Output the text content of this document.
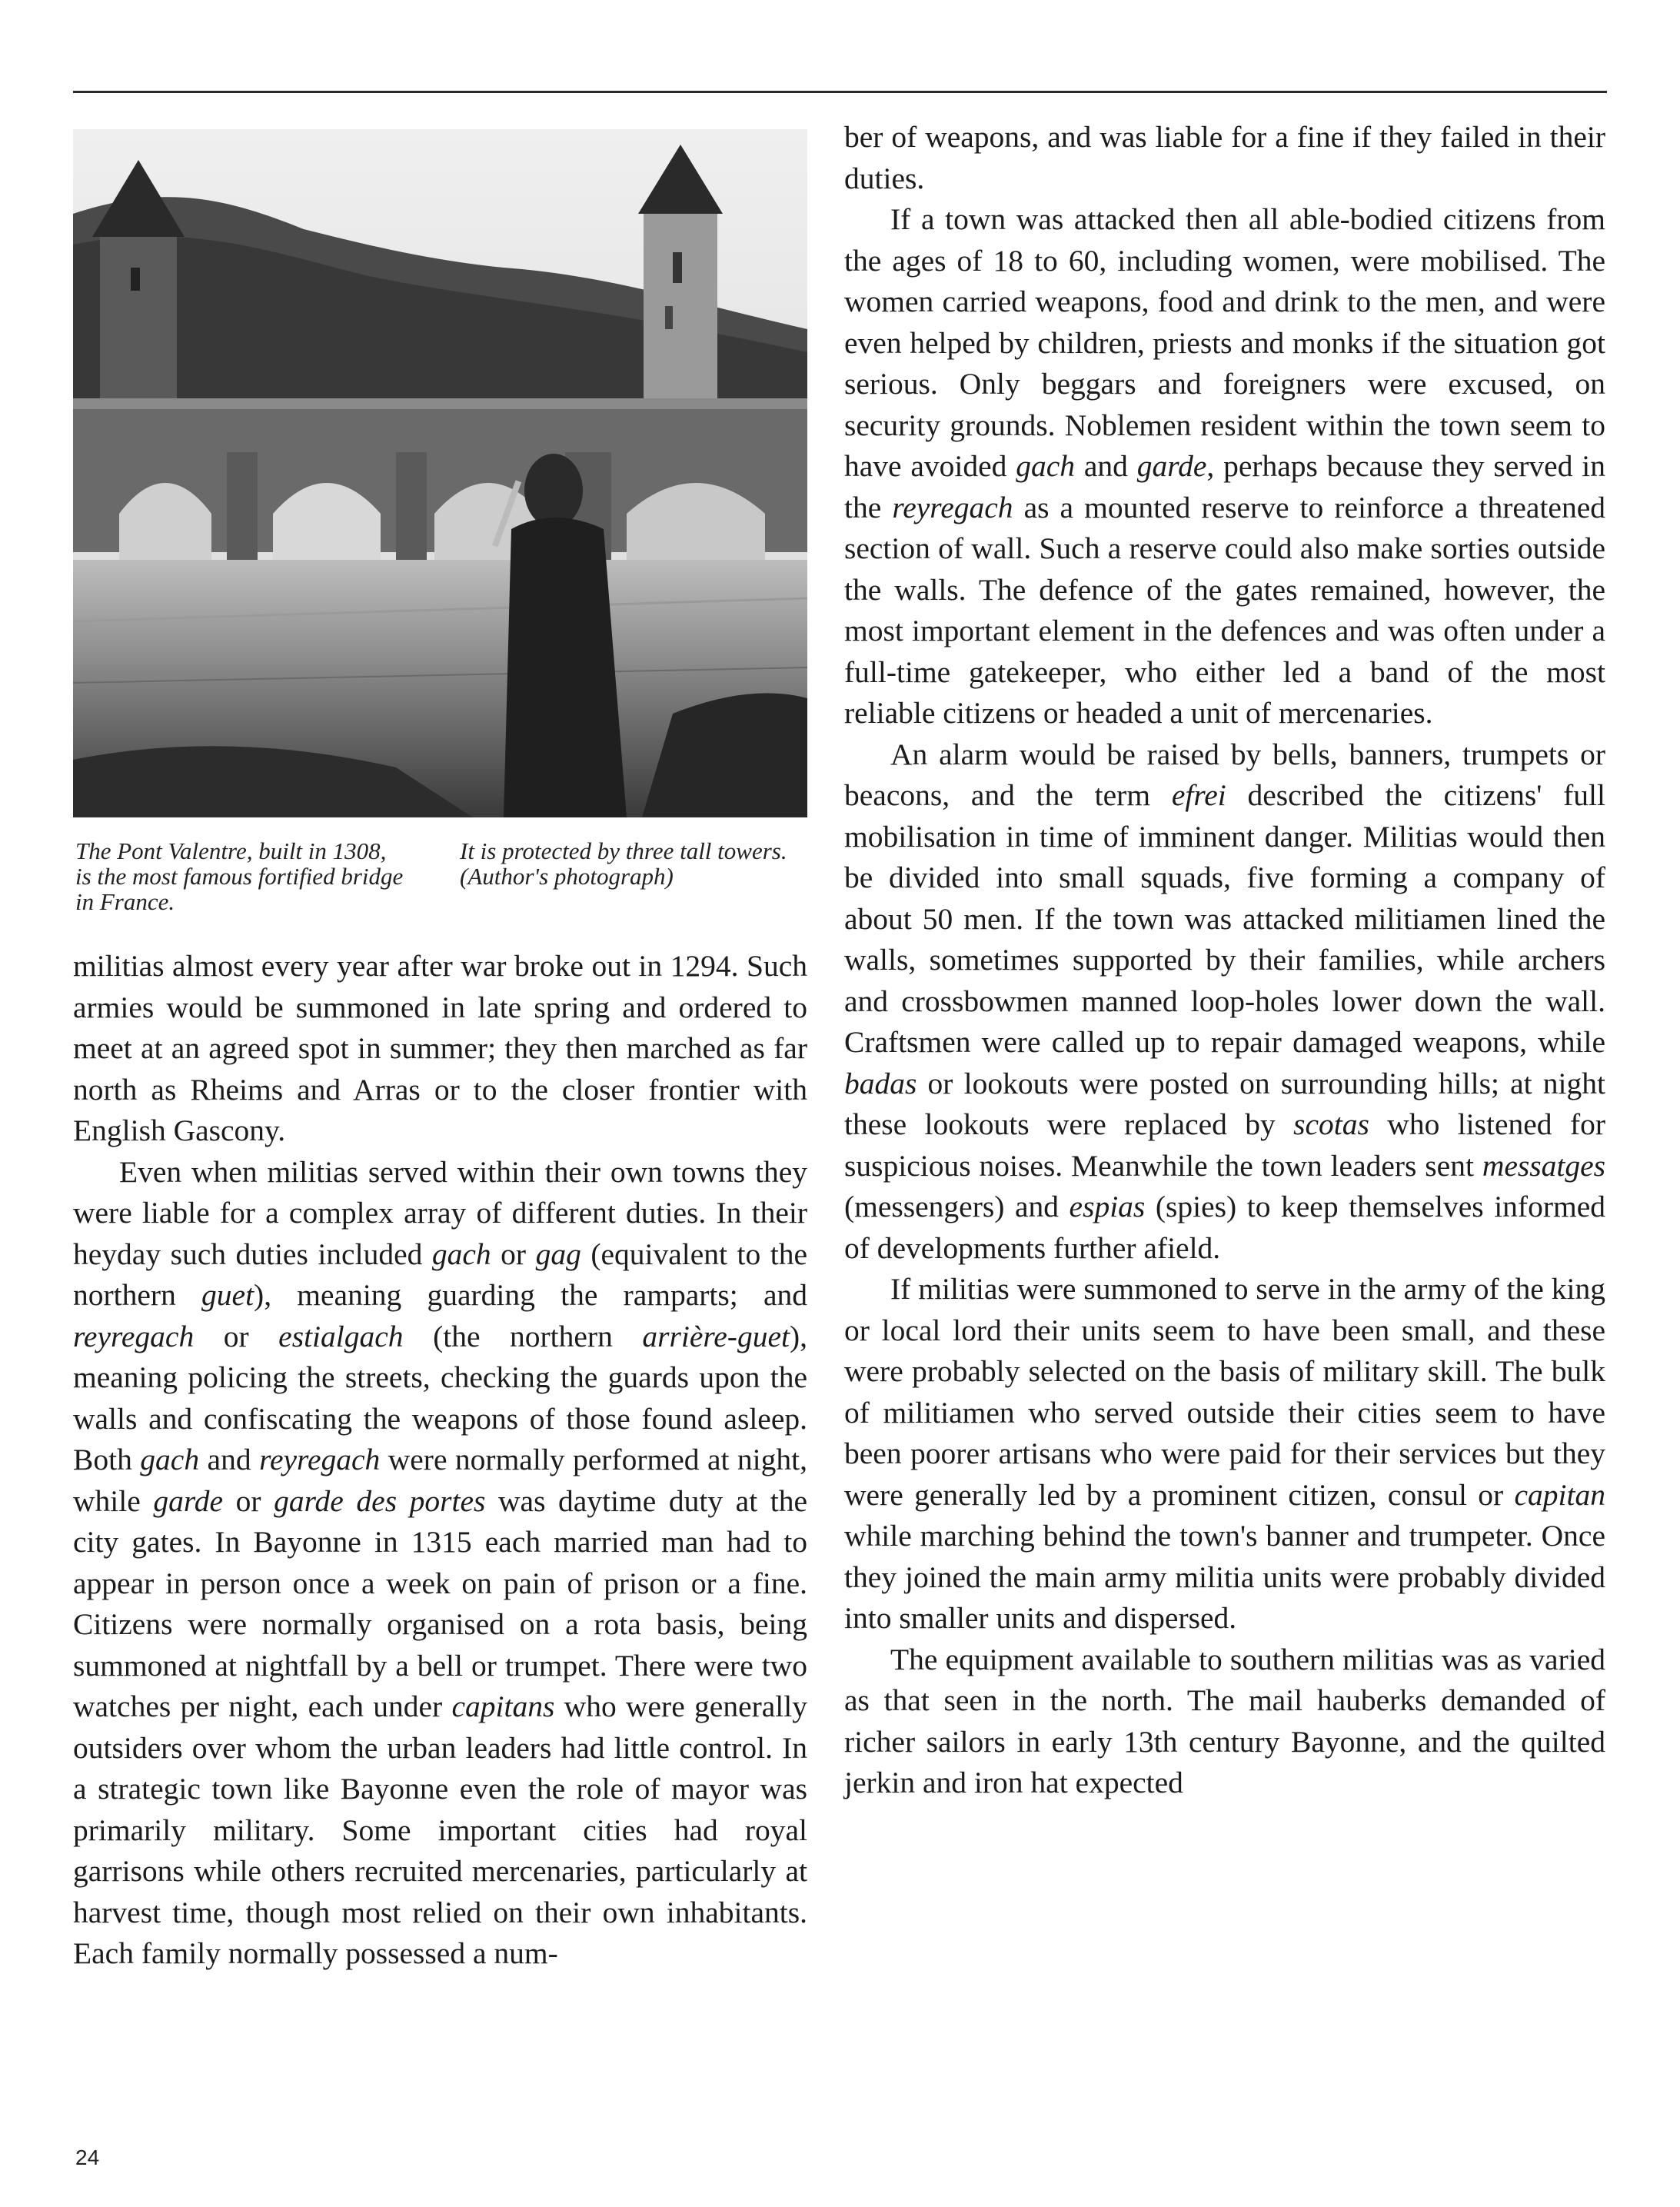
The Pont Valentre, built in 1308, is the most famous fortified bridge in France.
It is protected by three tall towers. (Author's photograph)

militias almost every year after war broke out in 1294. Such armies would be summoned in late spring and ordered to meet at an agreed spot in summer; they then marched as far north as Rheims and Arras or to the closer frontier with English Gascony.

Even when militias served within their own towns they were liable for a complex array of different duties. In their heyday such duties included gach or gag (equivalent to the northern guet), meaning guarding the ramparts; and reyregach or estialgach (the northern arrière-guet), meaning policing the streets, checking the guards upon the walls and confiscating the weapons of those found asleep. Both gach and reyregach were normally performed at night, while garde or garde des portes was daytime duty at the city gates. In Bayonne in 1315 each married man had to appear in person once a week on pain of prison or a fine. Citizens were normally organised on a rota basis, being summoned at nightfall by a bell or trumpet. There were two watches per night, each under capitans who were generally outsiders over whom the urban leaders had little control. In a strategic town like Bayonne even the role of mayor was primarily military. Some important cities had royal garrisons while others recruited mercenaries, particularly at harvest time, though most relied on their own inhabitants. Each family normally possessed a num-

ber of weapons, and was liable for a fine if they failed in their duties.

If a town was attacked then all able-bodied citizens from the ages of 18 to 60, including women, were mobilised. The women carried weapons, food and drink to the men, and were even helped by children, priests and monks if the situation got serious. Only beggars and foreigners were excused, on security grounds. Noblemen resident within the town seem to have avoided gach and garde, perhaps because they served in the reyregach as a mounted reserve to reinforce a threatened section of wall. Such a reserve could also make sorties outside the walls. The defence of the gates remained, however, the most important element in the defences and was often under a full-time gatekeeper, who either led a band of the most reliable citizens or headed a unit of mercenaries.

An alarm would be raised by bells, banners, trumpets or beacons, and the term efrei described the citizens' full mobilisation in time of imminent danger. Militias would then be divided into small squads, five forming a company of about 50 men. If the town was attacked militiamen lined the walls, sometimes supported by their families, while archers and crossbowmen manned loop-holes lower down the wall. Craftsmen were called up to repair damaged weapons, while badas or lookouts were posted on surrounding hills; at night these lookouts were replaced by scotas who listened for suspicious noises. Meanwhile the town leaders sent messatges (messengers) and espias (spies) to keep themselves informed of developments further afield.

If militias were summoned to serve in the army of the king or local lord their units seem to have been small, and these were probably selected on the basis of military skill. The bulk of militiamen who served outside their cities seem to have been poorer artisans who were paid for their services but they were generally led by a prominent citizen, consul or capitan while marching behind the town's banner and trumpeter. Once they joined the main army militia units were probably divided into smaller units and dispersed.

The equipment available to southern militias was as varied as that seen in the north. The mail hauberks demanded of richer sailors in early 13th century Bayonne, and the quilted jerkin and iron hat expected

24
